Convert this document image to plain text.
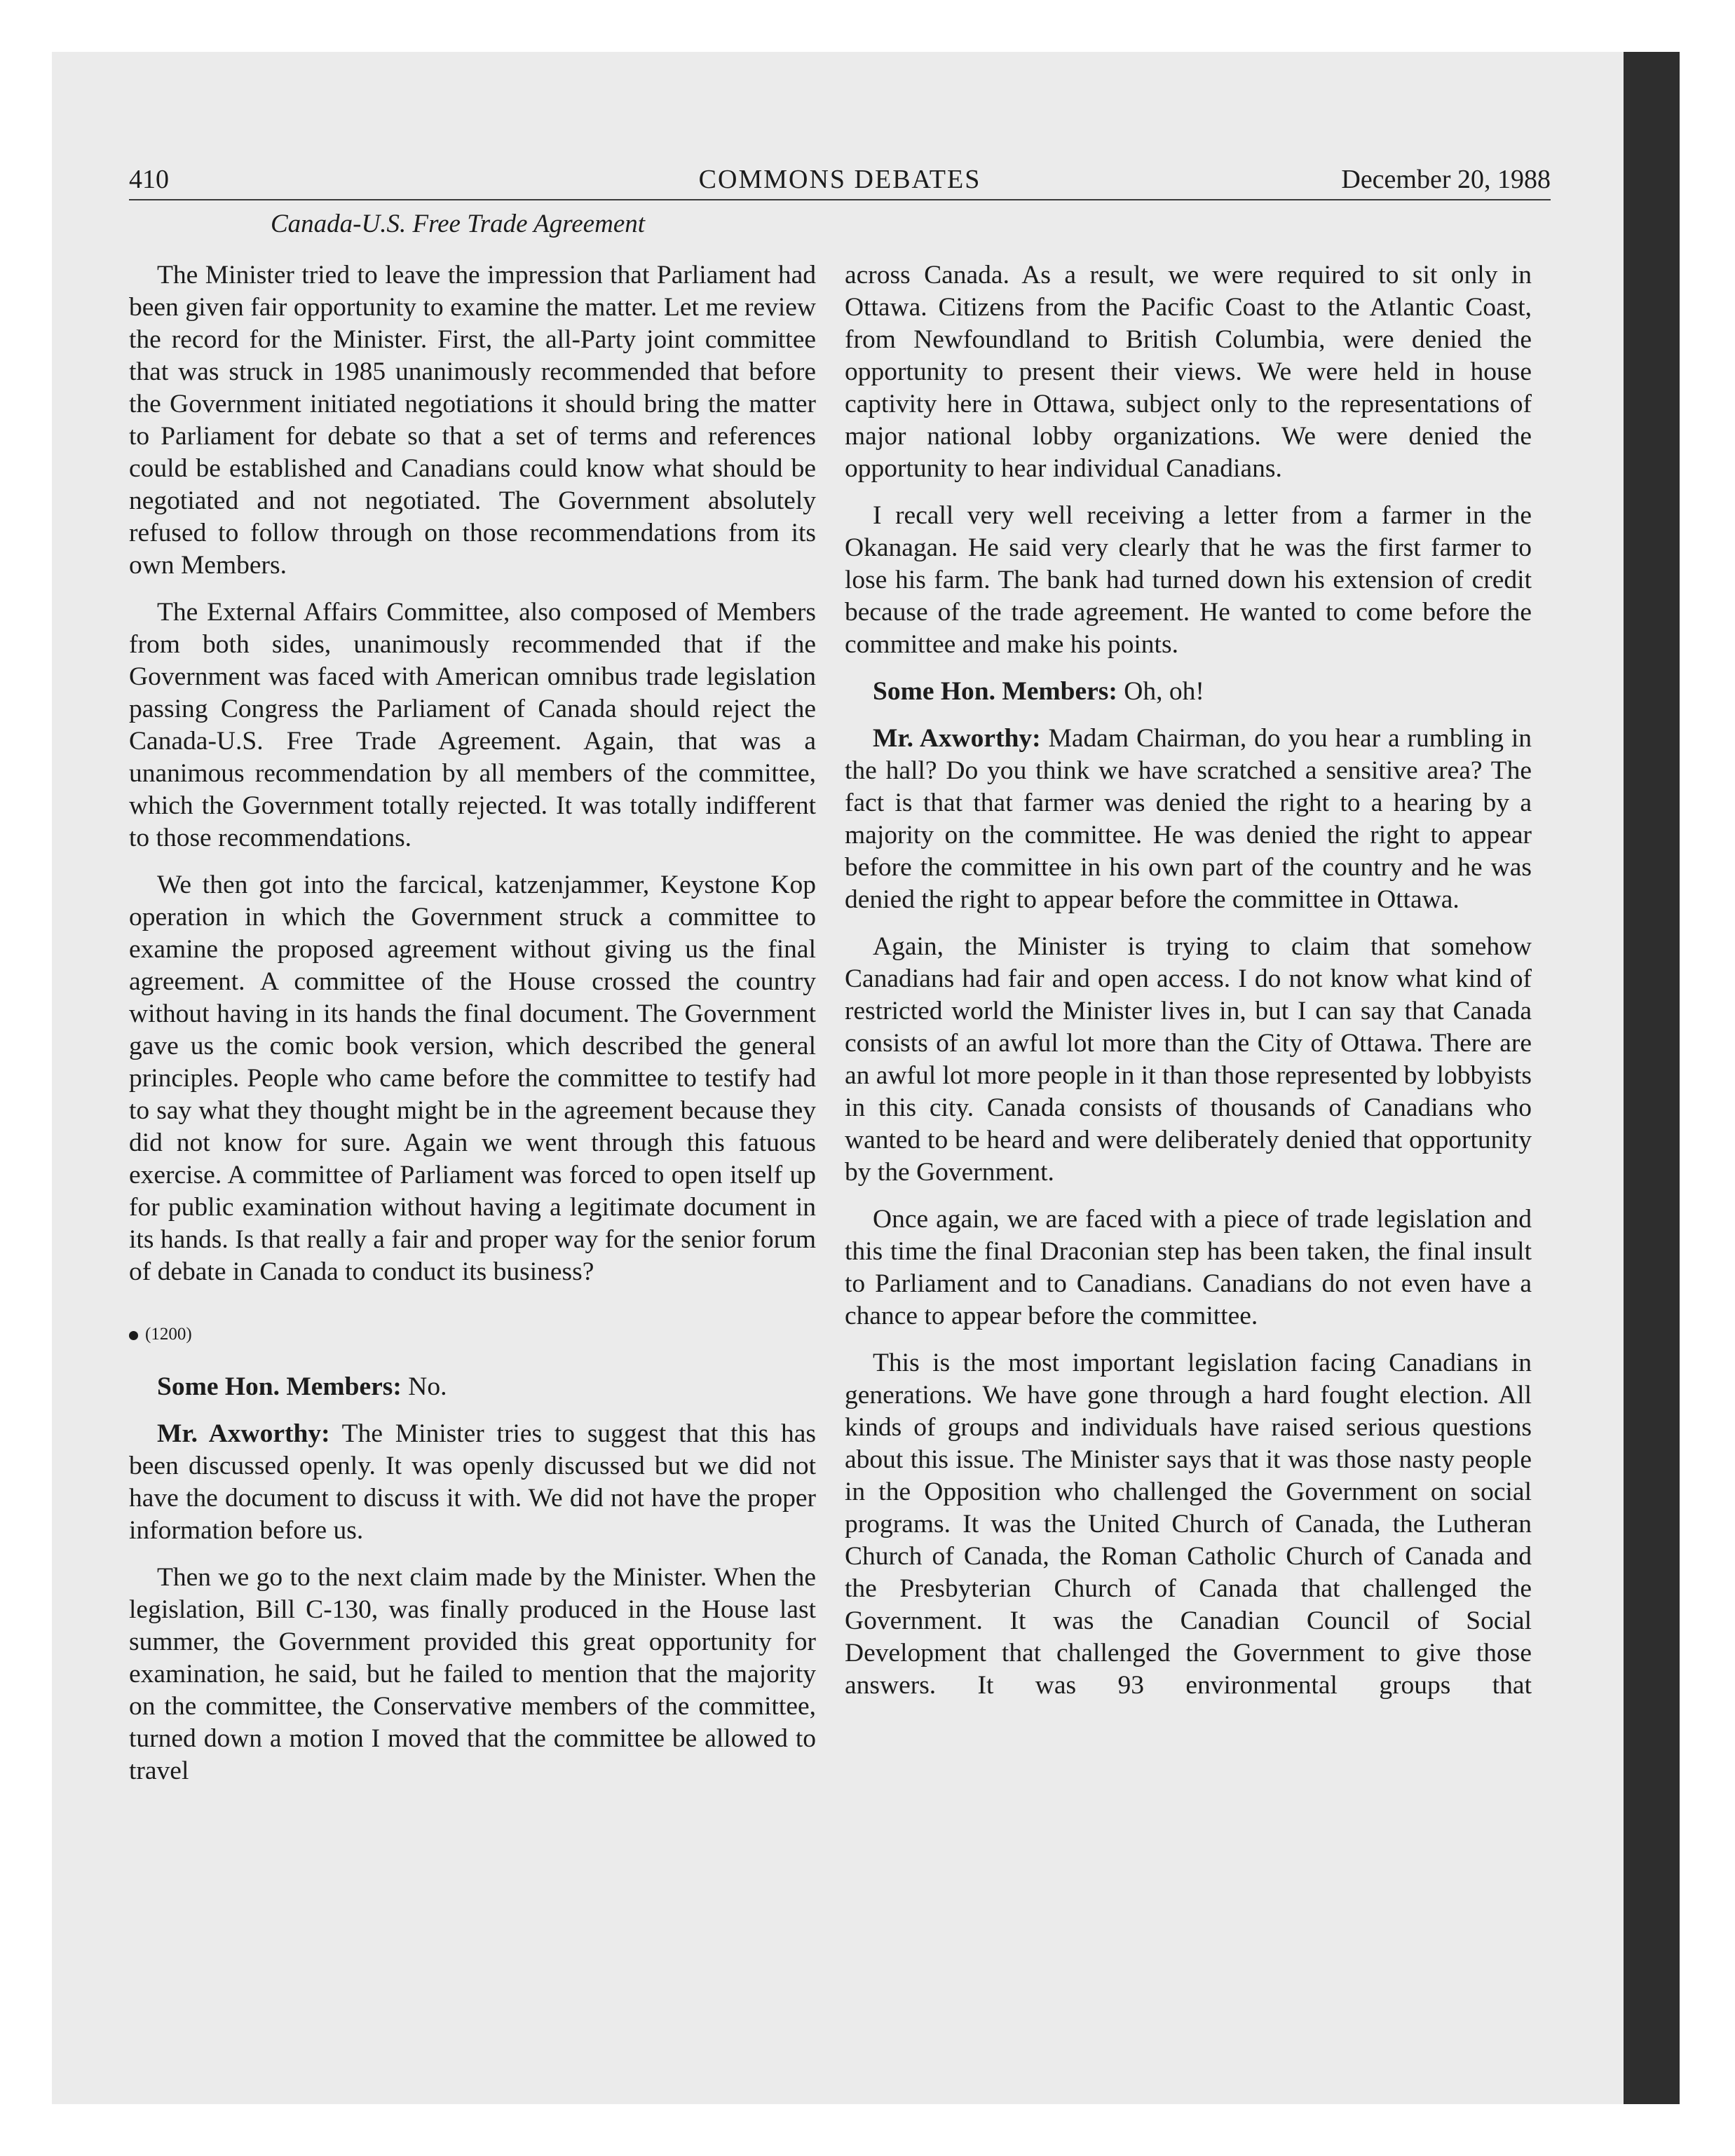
410	COMMONS DEBATES	December 20, 1988
Canada-U.S. Free Trade Agreement

The Minister tried to leave the impression that Parliament had been given fair opportunity to examine the matter. Let me review the record for the Minister. First, the all-Party joint committee that was struck in 1985 unanimously recommended that before the Government initiated negotiations it should bring the matter to Parliament for debate so that a set of terms and references could be established and Canadians could know what should be negotiated and not negotiated. The Government absolutely refused to follow through on those recommendations from its own Members.

The External Affairs Committee, also composed of Members from both sides, unanimously recommended that if the Government was faced with American omnibus trade legislation passing Congress the Parliament of Canada should reject the Canada-U.S. Free Trade Agreement. Again, that was a unanimous recommendation by all members of the committee, which the Government totally rejected. It was totally indifferent to those recommendations.

We then got into the farcical, katzenjammer, Keystone Kop operation in which the Government struck a committee to examine the proposed agreement without giving us the final agreement. A committee of the House crossed the country without having in its hands the final document. The Government gave us the comic book version, which described the general principles. People who came before the committee to testify had to say what they thought might be in the agreement because they did not know for sure. Again we went through this fatuous exercise. A committee of Parliament was forced to open itself up for public examination without having a legitimate document in its hands. Is that really a fair and proper way for the senior forum of debate in Canada to conduct its business?

(1200)

Some Hon. Members: No.

Mr. Axworthy: The Minister tries to suggest that this has been discussed openly. It was openly discussed but we did not have the document to discuss it with. We did not have the proper information before us.

Then we go to the next claim made by the Minister. When the legislation, Bill C-130, was finally produced in the House last summer, the Government provided this great opportunity for examination, he said, but he failed to mention that the majority on the committee, the Conservative members of the committee, turned down a motion I moved that the committee be allowed to travel

across Canada. As a result, we were required to sit only in Ottawa. Citizens from the Pacific Coast to the Atlantic Coast, from Newfoundland to British Columbia, were denied the opportunity to present their views. We were held in house captivity here in Ottawa, subject only to the representations of major national lobby organizations. We were denied the opportunity to hear individual Canadians.

I recall very well receiving a letter from a farmer in the Okanagan. He said very clearly that he was the first farmer to lose his farm. The bank had turned down his extension of credit because of the trade agreement. He wanted to come before the committee and make his points.

Some Hon. Members: Oh, oh!

Mr. Axworthy: Madam Chairman, do you hear a rumbling in the hall? Do you think we have scratched a sensitive area? The fact is that that farmer was denied the right to a hearing by a majority on the committee. He was denied the right to appear before the committee in his own part of the country and he was denied the right to appear before the committee in Ottawa.

Again, the Minister is trying to claim that somehow Canadians had fair and open access. I do not know what kind of restricted world the Minister lives in, but I can say that Canada consists of an awful lot more than the City of Ottawa. There are an awful lot more people in it than those represented by lobbyists in this city. Canada consists of thousands of Canadians who wanted to be heard and were deliberately denied that opportunity by the Government.

Once again, we are faced with a piece of trade legislation and this time the final Draconian step has been taken, the final insult to Parliament and to Canadians. Canadians do not even have a chance to appear before the committee.

This is the most important legislation facing Canadians in generations. We have gone through a hard fought election. All kinds of groups and individuals have raised serious questions about this issue. The Minister says that it was those nasty people in the Opposition who challenged the Government on social programs. It was the United Church of Canada, the Lutheran Church of Canada, the Roman Catholic Church of Canada and the Presbyterian Church of Canada that challenged the Government. It was the Canadian Council of Social Development that challenged the Government to give those answers. It was 93 environmental groups that
